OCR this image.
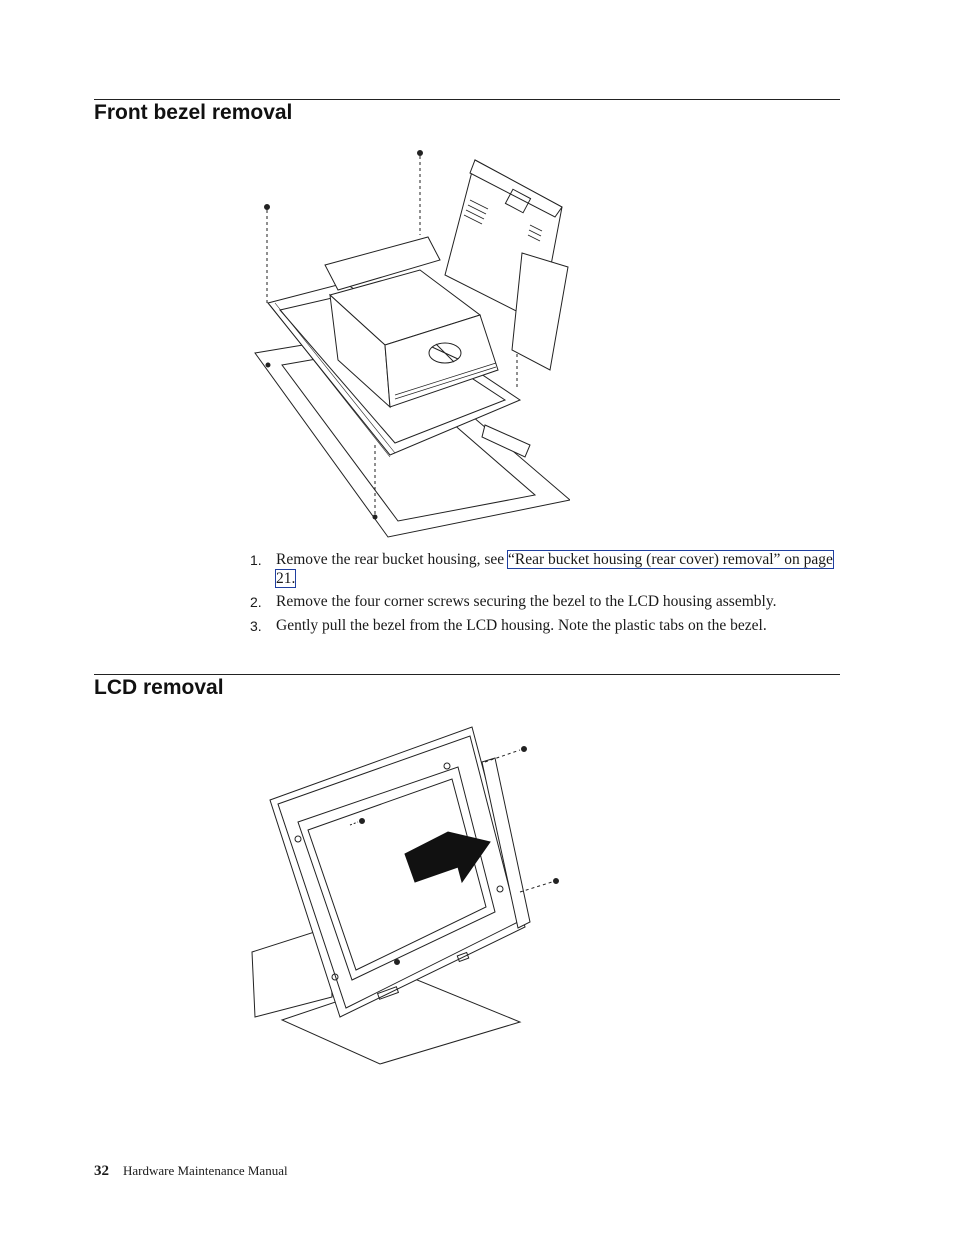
Front bezel removal
1. Remove the rear bucket housing, see “Rear bucket housing (rear cover) removal” on page 21.
2. Remove the four corner screws securing the bezel to the LCD housing assembly.
3. Gently pull the bezel from the LCD housing. Note the plastic tabs on the bezel.
LCD removal
32 Hardware Maintenance Manual
